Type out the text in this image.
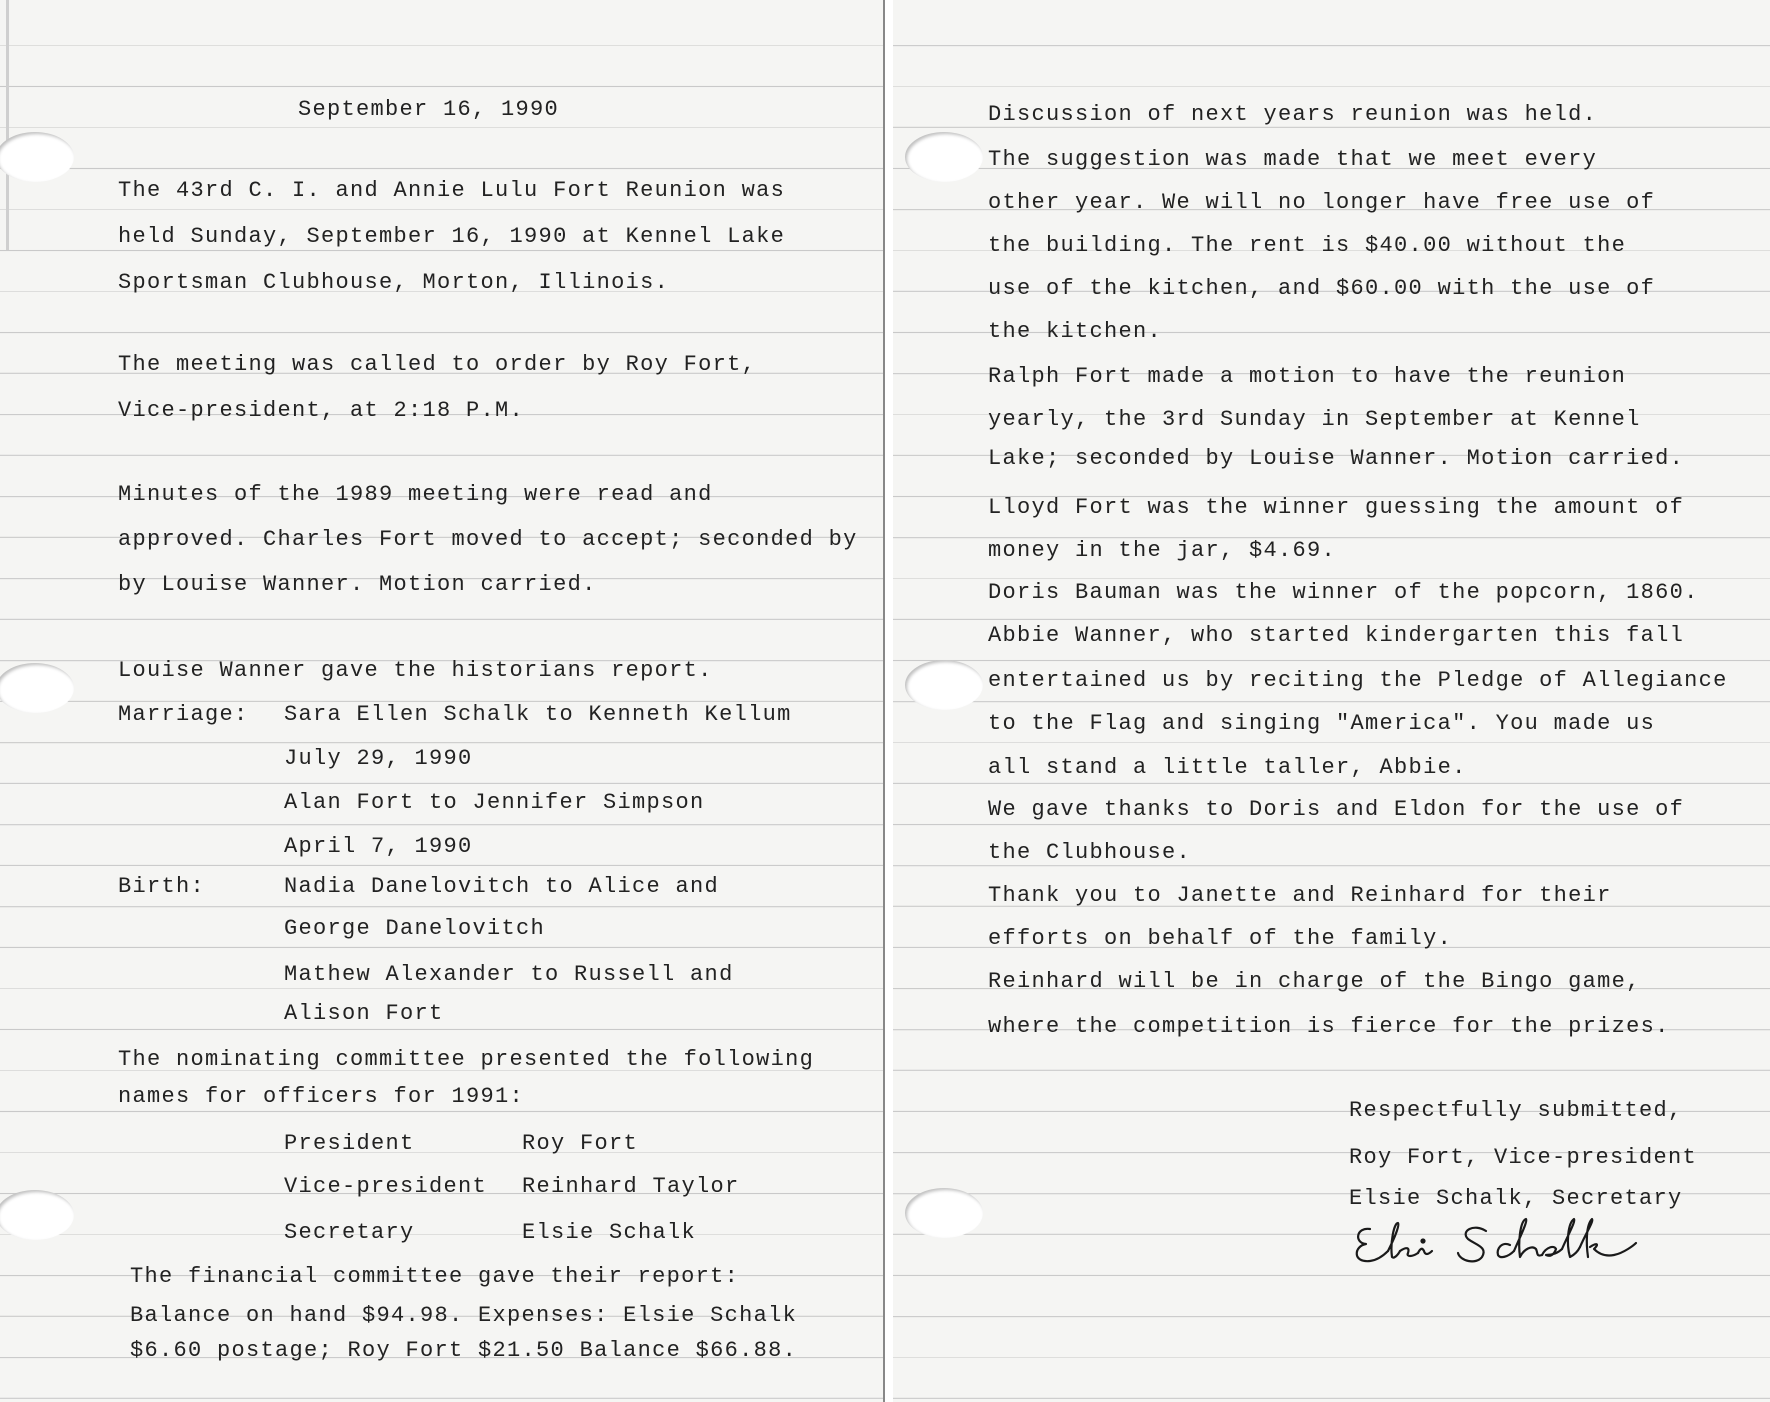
September 16, 1990
The 43rd C. I. and Annie Lulu Fort Reunion was
held Sunday, September 16, 1990 at Kennel Lake
Sportsman Clubhouse, Morton, Illinois.
The meeting was called to order by Roy Fort,
Vice-president, at 2:18 P.M.
Minutes of the 1989 meeting were read and
approved. Charles Fort moved to accept; seconded by
by Louise Wanner. Motion carried.
Louise Wanner gave the historians report.
Marriage: Sara Ellen Schalk to Kenneth Kellum
July 29, 1990
Alan Fort to Jennifer Simpson
April 7, 1990
Birth:	Nadia Danelovitch to Alice and
George Danelovitch
Mathew Alexander to Russell and
Alison Fort
The nominating committee presented the following
names for officers for 1991:
President	Roy Fort
Vice-president Reinhard Taylor
Secretary	Elsie Schalk
The financial committee gave their report:
Balance on hand $94.98. Expenses: Elsie Schalk
$6.60 postage; Roy Fort $21.50 Balance $66.88.
Discussion of next years reunion was held.
The suggestion was made that we meet every
other year. We will no longer have free use of
the building. The rent is $40.00 without the
use of the kitchen, and $60.00 with the use of
the kitchen.
Ralph Fort made a motion to have the reunion
yearly, the 3rd Sunday in September at Kennel
Lake; seconded by Louise Wanner. Motion carried.
Lloyd Fort was the winner guessing the amount of
money in the jar, $4.69.
Doris Bauman was the winner of the popcorn, 1860.
Abbie Wanner, who started kindergarten this fall
entertained us by reciting the Pledge of Allegiance
to the Flag and singing "America". You made us
all stand a little taller, Abbie.
We gave thanks to Doris and Eldon for the use of
the Clubhouse.
Thank you to Janette and Reinhard for their
efforts on behalf of the family.
Reinhard will be in charge of the Bingo game,
where the competition is fierce for the prizes.
Respectfully submitted,
Roy Fort, Vice-president
Elsie Schalk, Secretary
